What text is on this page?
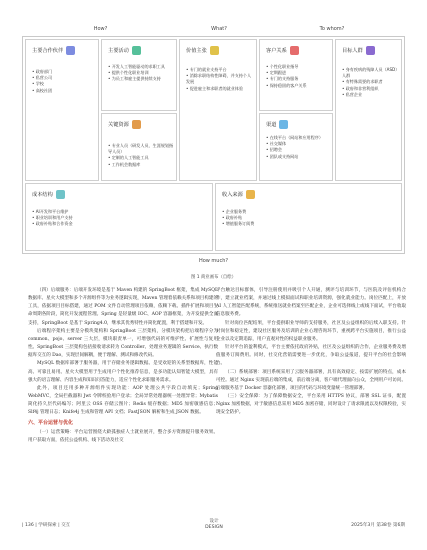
How?	What?	To whom?
主要合作伙伴
• 政府部门
• 私营公司
• 学校
• 高校社团
主要活动
• 开发人工智能驱动的求职工具
• 提供个性化职业培训
• 为员工和雇主提供持续支持
关键资源
• 专业人员（研发人员、生涯规划指导人员）
• 定制的人工智能工具
• 工作机会数据库
价值主张
• 专门的就业支持平台
• 消除求职结构性障碍，并支持个人发展
• 促进雇主和求职者的就业体验
客户关系
• 个性化职业指导
• 定期跟进
• 专门的支持服务
• 保持稳固的客户关系
渠道
• 在线平台（网站和应用程序）
• 社交媒体
• 招聘会
• 团队或支持网站
目标人群
• 身有疾病的残障人员（ASD）人群
• 有特殊需要的求职者
• 政府和非营利组织
• 私营企业
成本结构
• AI开发和平台维护
• 职业培训和用户支持
• 政府补贴和合作资金
收入来源
• 企业服务费
• 政府补贴
• 增值服务订阅费
How much?
图 1 商业画布（自绘）

（四）后端服务：后端开发环境是基于 Maven 构建的 SpringBoot 框架，集成 MySQL 数据库、星火大模型和多个开源组件等为业务逻辑实现，Maven 管理着依赖关系和项目构建的工具，依据项目目标搭建，通过 POM 文件自动管理项目依赖，依赖下载、插件扩展和项目生命周期各阶段，简化开发流程管理。Spring 是轻量级 IOC、AOP 容器框架，为开发提供全面支持，SpringBoot 是基于 Spring4.0，继承其优秀特性并简化配置，利于搭建和开发。

后端程序架构主要是分模块架构和 SpringBoot 三层架构，分模块架构把后端程序分为 common、pojo、server 三大层，模块职责单一，可增强代码的可维护性、扩展性与复用性。SpringBoot 三层架构包括接收请求转为 Controller、处理业务逻辑的 Service、执行数据库交互的 Dao，实现层间解耦，便于理解、测试和修改代码。

MySQL 数据库部署于服务器，用于存储业务逻辑数据。是受欢迎的关系型数据库，性能高、可靠且易用。星火大模型用于生成用户个性化推荐信息，是多功能认知智能大模型，具有强大的语言理解、内容生成和知识问答能力，适应个性化求职服务需求。

此外，项目还用多种开源组件实现功能：AOP 处理公共字段自动填充；Spring WebMVC，全局拦截器和 Jwt 令牌校验用户登录；全局异常处理器统一处理异常；Mybatis 简化持久层代码编写；阿里云 OSS 存储云图片；Redis 缓存数据；MD5 加密敏感信息；Slf4j 管理日志；Knife4j 生成和管理 API 文档；FastJSON 解析和生成 JSON 数据。

六、平台运营与优化

（一）运营策略：平台运营围绕大龄孤独症人士就业展开，整合多方资源提升服务效果。用户获取方面，依托公益机构、线下活动及社交

平台触达目标群体，引导注册使用并吸引个人开通，测评与培训环节，与医院及评估机构合作，建立就业档案，并通过线上模拟面试和职业培训资源，强化就业能力。岗位匹配上，开放 AI 人工智能匹配系统，系统推送就业档案至匹配企业，企业可选择线上或线下面试，平台收取信息服务费。

针对岗位匹配结果，平台提供职业导师的支持服务，社区及公益组织的后续入职支持。针对岗位和稳定性，建设社区服务及培训的企业心理咨询环节，重视跨平台实施项目，推行公益企业以及定期追踪，用户直观对性的权益职业服务。

针对平台的盈利模式，平台主要依托政府补贴，社区及公益组织的合作，企业服务费及增值服务订阅费用。同时，社交化营销需要进一步优化，争取公益报道，提升平台的社会影响力。

（二）系统部署：项目系统采用了云服务器部署，具有高效稳定、按需扩展的特点，成本可控。通过 Nginx 实现前后端的集成，前后端分离，客户端代理面向公众，全网用户可访问。后端服务基于 Docker 容器化部署，项目的代码与环境变量统一管理部署。

（三）安全保障：为了保障数据安全，平台采用 HTTPS 协议，部署 SSL 证书，配置 Nginx 加密数据，对于敏感信息采用 MD5 加密存储，同时设计了请求限流以及权限校验，实现安全防护。

| 136 | 学研探索 | 交互
设计
DESIGN	2025年3月 第38卷 第6期
